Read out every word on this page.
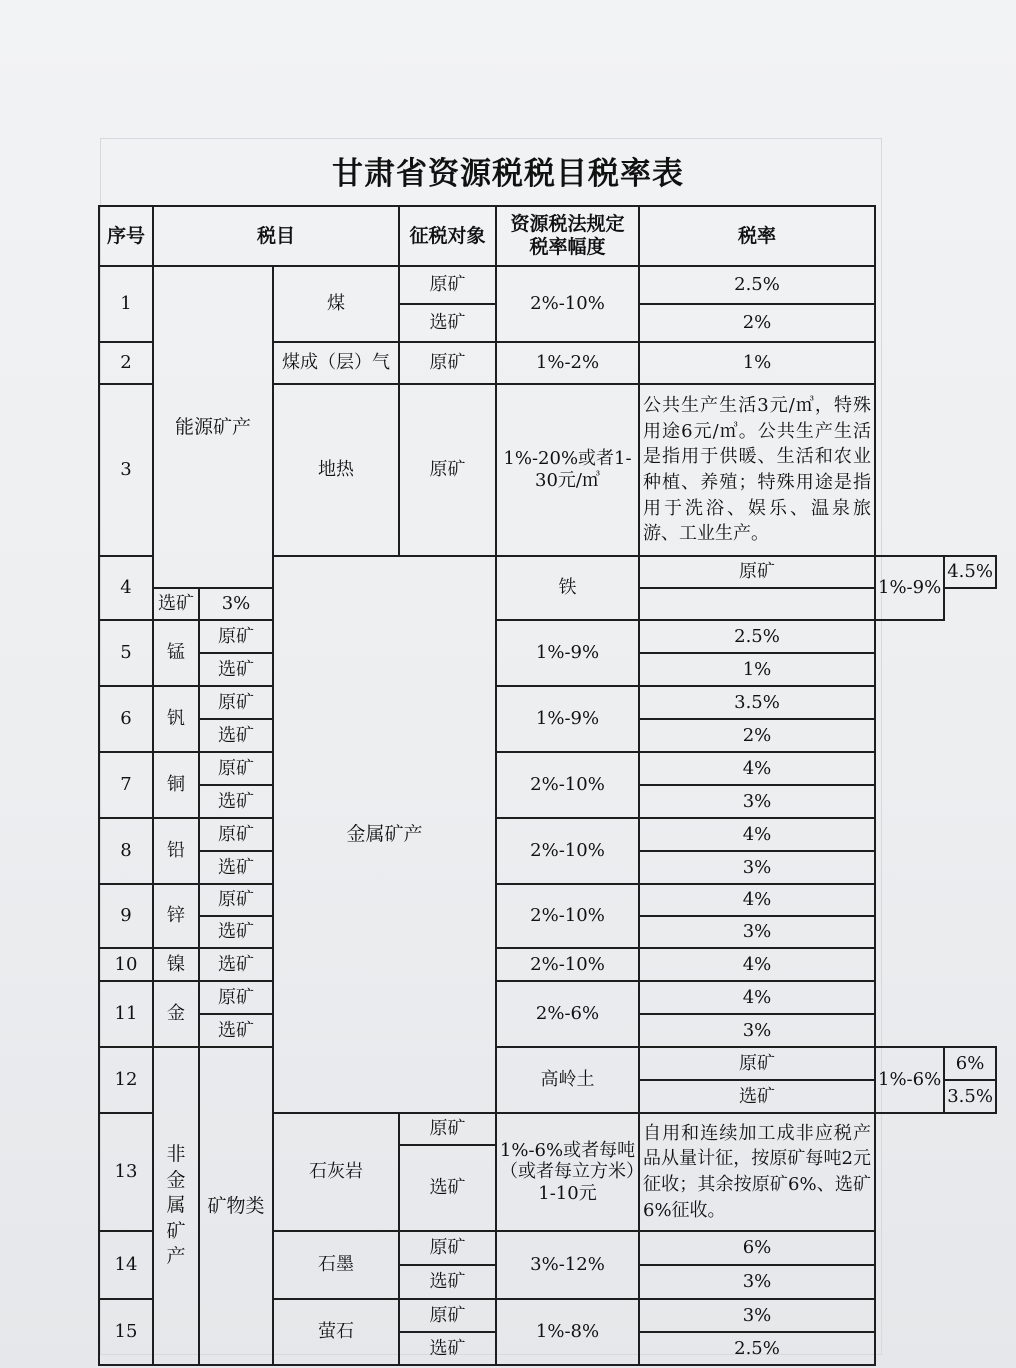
甘肃省资源税税目税率表
序号	税目			征税对象	资源税法规定
税率幅度	税率		
1	能源矿产		煤	原矿	2%-10%	2.5%		
				选矿		2%		
2			煤成（层）气	原矿	1%-2%	1%		
3			地热	原矿	1%-20%或者1-30元/㎥	公共生产生活3元/㎥，特殊用途6元/㎥。公共生产生活是指用于供暖、生活和农业种植、养殖；特殊用途是指用于洗浴、娱乐、温泉旅游、工业生产。		
4			金属矿产		铁	原矿	1%-9%	4.5%
	选矿	3%						
5	锰	原矿			1%-9%	2.5%		
		选矿				1%		
6	钒	原矿			1%-9%	3.5%		
		选矿				2%		
7	铜	原矿			2%-10%	4%		
		选矿				3%		
8	铅	原矿			2%-10%	4%		
		选矿				3%		
9	锌	原矿			2%-10%	4%		
		选矿				3%		
10	镍	选矿			2%-10%	4%		
11	金	原矿			2%-6%	4%		
		选矿				3%		
12	非金属矿产	矿物类			高岭土	原矿	1%-6%	6%
						选矿		3.5%
13			石灰岩	原矿	1%-6%或者每吨（或者每立方米）1-10元	自用和连续加工成非应税产品从量计征，按原矿每吨2元征收；其余按原矿6%、选矿6%征收。		
				选矿				
14			石墨	原矿	3%-12%	6%		
				选矿		3%		
15			萤石	原矿	1%-8%	3%		
				选矿		2.5%		
